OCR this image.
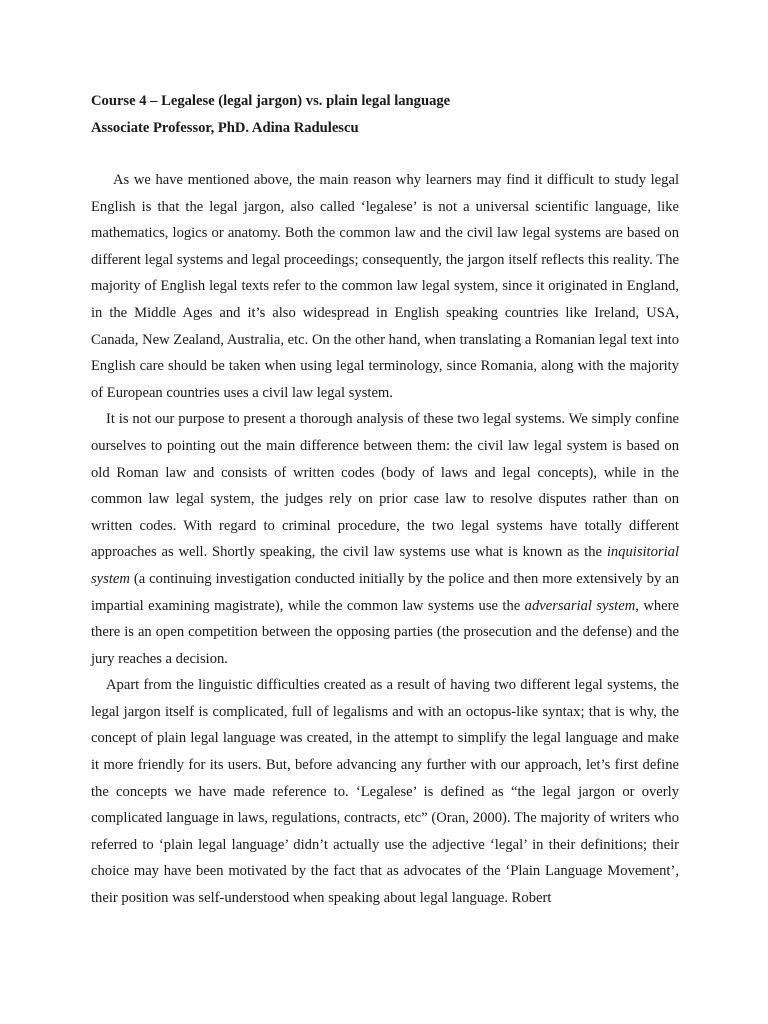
Course 4 – Legalese (legal jargon) vs. plain legal language

Associate Professor, PhD. Adina Radulescu

As we have mentioned above, the main reason why learners may find it difficult to study legal English is that the legal jargon, also called ‘legalese’ is not a universal scientific language, like mathematics, logics or anatomy. Both the common law and the civil law legal systems are based on different legal systems and legal proceedings; consequently, the jargon itself reflects this reality. The majority of English legal texts refer to the common law legal system, since it originated in England, in the Middle Ages and it’s also widespread in English speaking countries like Ireland, USA, Canada, New Zealand, Australia, etc. On the other hand, when translating a Romanian legal text into English care should be taken when using legal terminology, since Romania, along with the majority of European countries uses a civil law legal system.

It is not our purpose to present a thorough analysis of these two legal systems. We simply confine ourselves to pointing out the main difference between them: the civil law legal system is based on old Roman law and consists of written codes (body of laws and legal concepts), while in the common law legal system, the judges rely on prior case law to resolve disputes rather than on written codes. With regard to criminal procedure, the two legal systems have totally different approaches as well. Shortly speaking, the civil law systems use what is known as the inquisitorial system (a continuing investigation conducted initially by the police and then more extensively by an impartial examining magistrate), while the common law systems use the adversarial system, where there is an open competition between the opposing parties (the prosecution and the defense) and the jury reaches a decision.

Apart from the linguistic difficulties created as a result of having two different legal systems, the legal jargon itself is complicated, full of legalisms and with an octopus-like syntax; that is why, the concept of plain legal language was created, in the attempt to simplify the legal language and make it more friendly for its users. But, before advancing any further with our approach, let’s first define the concepts we have made reference to. ‘Legalese’ is defined as “the legal jargon or overly complicated language in laws, regulations, contracts, etc” (Oran, 2000). The majority of writers who referred to ‘plain legal language’ didn’t actually use the adjective ‘legal’ in their definitions; their choice may have been motivated by the fact that as advocates of the ‘Plain Language Movement’, their position was self-understood when speaking about legal language. Robert
